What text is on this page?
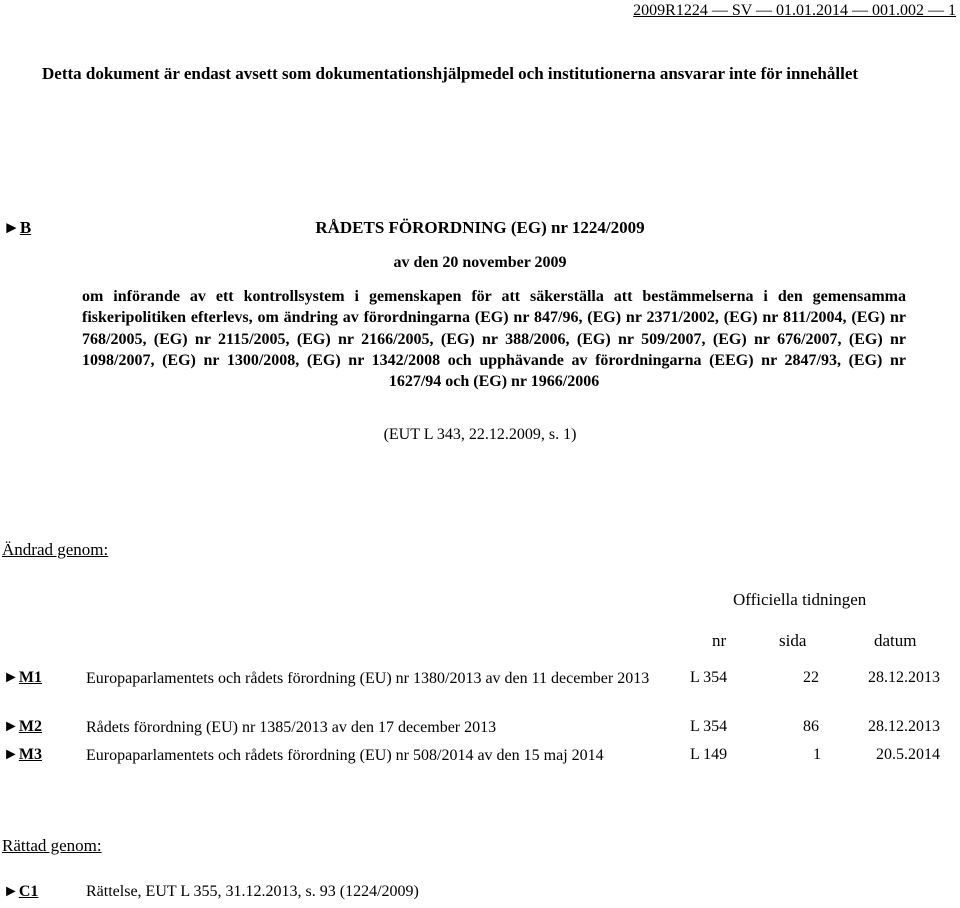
2009R1224 — SV — 01.01.2014 — 001.002 — 1
Detta dokument är endast avsett som dokumentationshjälpmedel och institutionerna ansvarar inte för innehållet
►B	RÅDETS FÖRORDNING (EG) nr 1224/2009
av den 20 november 2009
om införande av ett kontrollsystem i gemenskapen för att säkerställa att bestämmelserna i den gemensamma fiskeripolitiken efterlevs, om ändring av förordningarna (EG) nr 847/96, (EG) nr 2371/2002, (EG) nr 811/2004, (EG) nr 768/2005, (EG) nr 2115/2005, (EG) nr 2166/2005, (EG) nr 388/2006, (EG) nr 509/2007, (EG) nr 676/2007, (EG) nr 1098/2007, (EG) nr 1300/2008, (EG) nr 1342/2008 och upphävande av förordningarna (EEG) nr 2847/93, (EG) nr 1627/94 och (EG) nr 1966/2006
(EUT L 343, 22.12.2009, s. 1)
Ändrad genom:
Officiella tidningen
nr	sida	datum
►M1	Europaparlamentets och rådets förordning (EU) nr 1380/2013 av den 11 december 2013	L 354	22	28.12.2013
►M2	Rådets förordning (EU) nr 1385/2013 av den 17 december 2013	L 354	86	28.12.2013
►M3	Europaparlamentets och rådets förordning (EU) nr 508/2014 av den 15 maj 2014	L 149	1	20.5.2014
Rättad genom:
►C1	Rättelse, EUT L 355, 31.12.2013, s. 93 (1224/2009)
